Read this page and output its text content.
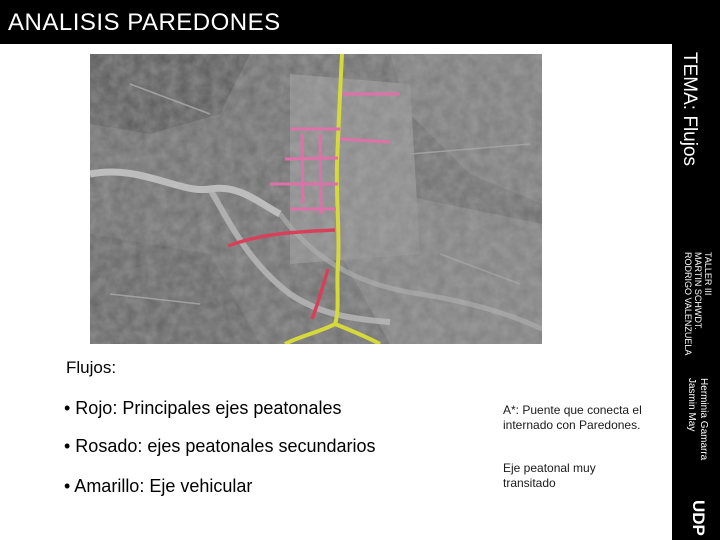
ANALISIS PAREDONES
TEMA: Flujos
TALLER III
MARTIN SCHWDT.
RODRIGO VALENZUELA
Herminia Gamarra
Jasmin May
UDP
Flujos:
• Rojo: Principales ejes peatonales
• Rosado: ejes peatonales secundarios
• Amarillo: Eje vehicular
A*: Puente que conecta el internado con Paredones.
Eje peatonal muy transitado
